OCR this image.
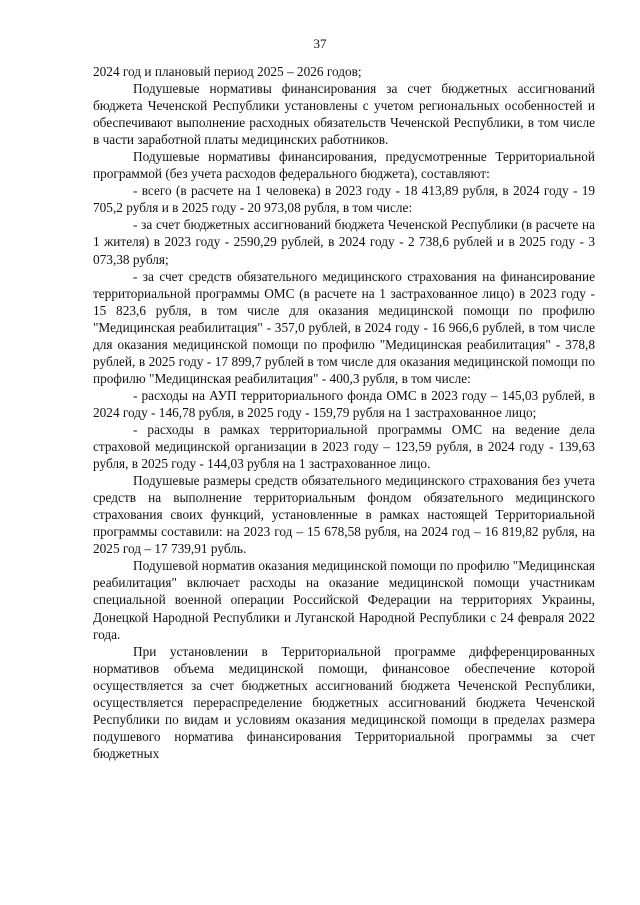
37

2024 год и плановый период 2025 – 2026 годов;

Подушевые нормативы финансирования за счет бюджетных ассигнований бюджета Чеченской Республики установлены с учетом региональных особенностей и обеспечивают выполнение расходных обязательств Чеченской Республики, в том числе в части заработной платы медицинских работников.

Подушевые нормативы финансирования, предусмотренные Территориальной программой (без учета расходов федерального бюджета), составляют:

- всего (в расчете на 1 человека) в 2023 году - 18 413,89 рубля, в 2024 году - 19 705,2 рубля и в 2025 году - 20 973,08 рубля, в том числе:

- за счет бюджетных ассигнований бюджета Чеченской Республики (в расчете на 1 жителя) в 2023 году - 2590,29 рублей, в 2024 году - 2 738,6 рублей и в 2025 году - 3 073,38 рубля;

- за счет средств обязательного медицинского страхования на финансирование территориальной программы ОМС (в расчете на 1 застрахованное лицо) в 2023 году - 15 823,6 рубля, в том числе для оказания медицинской помощи по профилю "Медицинская реабилитация" - 357,0 рублей, в 2024 году - 16 966,6 рублей, в том числе для оказания медицинской помощи по профилю "Медицинская реабилитация" - 378,8 рублей, в 2025 году - 17 899,7 рублей в том числе для оказания медицинской помощи по профилю "Медицинская реабилитация" - 400,3 рубля, в том числе:

- расходы на АУП территориального фонда ОМС в 2023 году – 145,03 рублей, в 2024 году - 146,78 рубля, в 2025 году - 159,79 рубля на 1 застрахованное лицо;

- расходы в рамках территориальной программы ОМС на ведение дела страховой медицинской организации в 2023 году – 123,59 рубля, в 2024 году - 139,63 рубля, в 2025 году - 144,03 рубля на 1 застрахованное лицо.

Подушевые размеры средств обязательного медицинского страхования без учета средств на выполнение территориальным фондом обязательного медицинского страхования своих функций, установленные в рамках настоящей Территориальной программы составили: на 2023 год – 15 678,58 рубля, на 2024 год – 16 819,82 рубля, на 2025 год – 17 739,91 рубль.

Подушевой норматив оказания медицинской помощи по профилю "Медицинская реабилитация" включает расходы на оказание медицинской помощи участникам специальной военной операции Российской Федерации на территориях Украины, Донецкой Народной Республики и Луганской Народной Республики с 24 февраля 2022 года.

При установлении в Территориальной программе дифференцированных нормативов объема медицинской помощи, финансовое обеспечение которой осуществляется за счет бюджетных ассигнований бюджета Чеченской Республики, осуществляется перераспределение бюджетных ассигнований бюджета Чеченской Республики по видам и условиям оказания медицинской помощи в пределах размера подушевого норматива финансирования Территориальной программы за счет бюджетных
